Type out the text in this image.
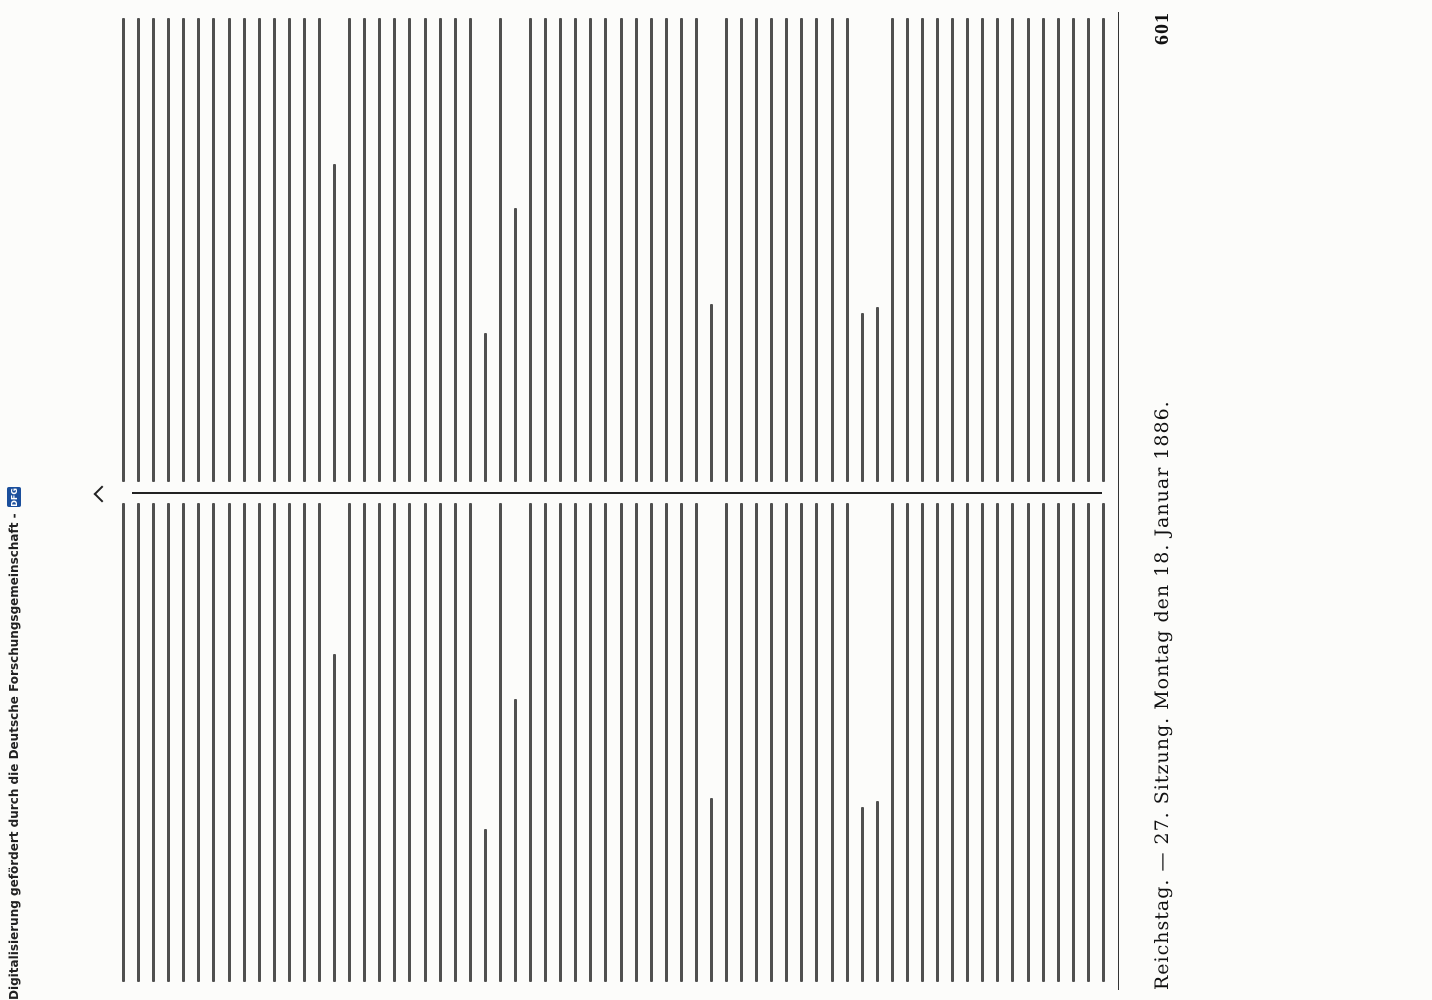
Reichstag. — 27. Sitzung. Montag den 18. Januar 1886.
601
Digitalisierung gefördert durch die Deutsche Forschungsgemeinschaft -
DFG
